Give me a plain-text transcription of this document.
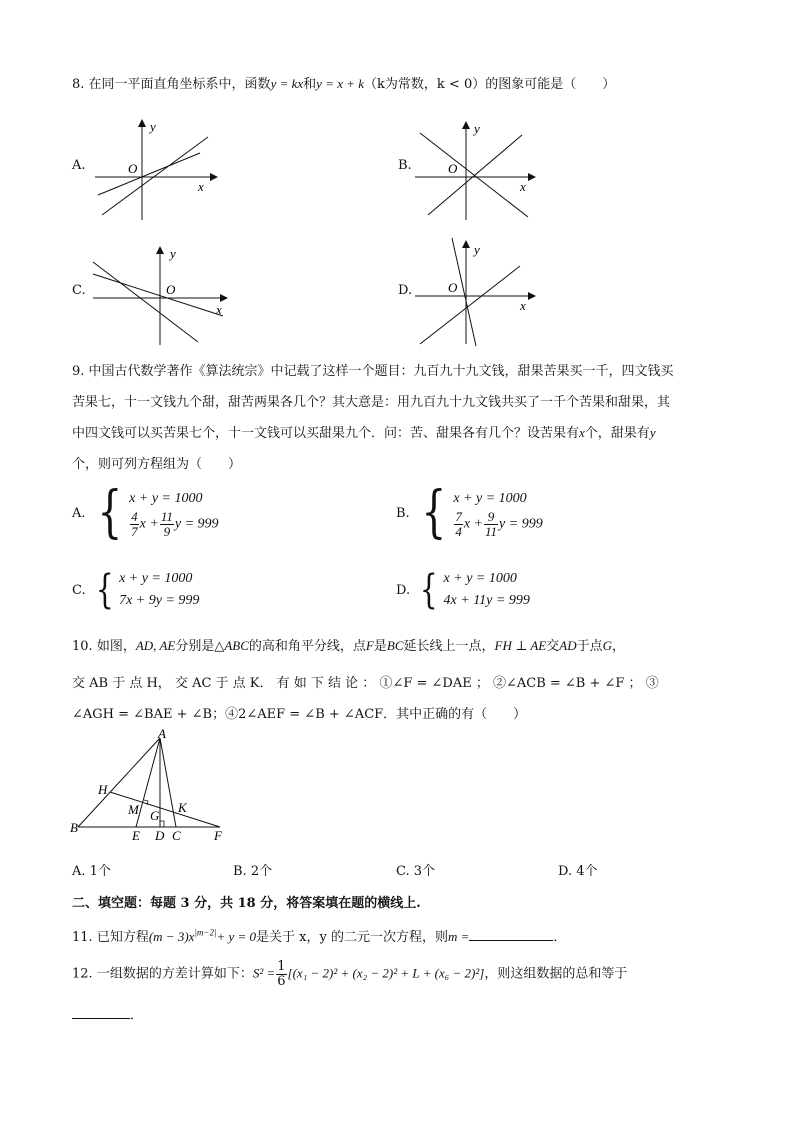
8. 在同一平面直角坐标系中，函数y = kx和y = x + k（k为常数，k < 0）的图象可能是（　　）
A.
y
O
x
B.
y
O
x
C.
y
O
x
D.
y
O
x
9. 中国古代数学著作《算法统宗》中记载了这样一个题目：九百九十九文钱，甜果苦果买一千，四文钱买
苦果七，十一文钱九个甜，甜苦两果各几个？其大意是：用九百九十九文钱共买了一千个苦果和甜果，其
中四文钱可以买苦果七个，十一文钱可以买甜果九个．问：苦、甜果各有几个？设苦果有x个，甜果有y
个，则可列方程组为（　　）
A. { x + y = 1000
$\frac{4}{7}$ $x + \frac{11}{9}$ y = 999
B. { x + y = 1000
$\frac{7}{4}$ $x + \frac{9}{11}$ y = 999
C. { x + y = 1000
7x + 9y = 999
D. { x + y = 1000
4x + 11y = 999
10. 如图，AD, AE分别是△ABC的高和角平分线，点F是BC延长线上一点，FH ⊥ AE交AD于点G，
交 AB 于 点 H， 交 AC 于 点 K． 有 如 下 结 论 ： ①∠F = ∠DAE ； ②∠ACB = ∠B + ∠F ； ③
∠AGH = ∠BAE + ∠B；④2∠AEF = ∠B + ∠ACF．其中正确的有（　　）
A
H
M G
K
B
E D C	F
A. 1个	B. 2个	C. 3个	D. 4个
二、填空题：每题 3 分，共 18 分，将答案填在题的横线上.
11. 已知方程$(m - 3)x^{|m-2|}+ y = 0$是关于 x，y 的二元一次方程，则m =	．
12. 一组数据的方差计算如下：$S^2 = \frac{1}{6} [(x_1 - 2)^2 + (x_2 - 2)^2 + L + (x_6 - 2)^2]$，则这组数据的总和等于
．
